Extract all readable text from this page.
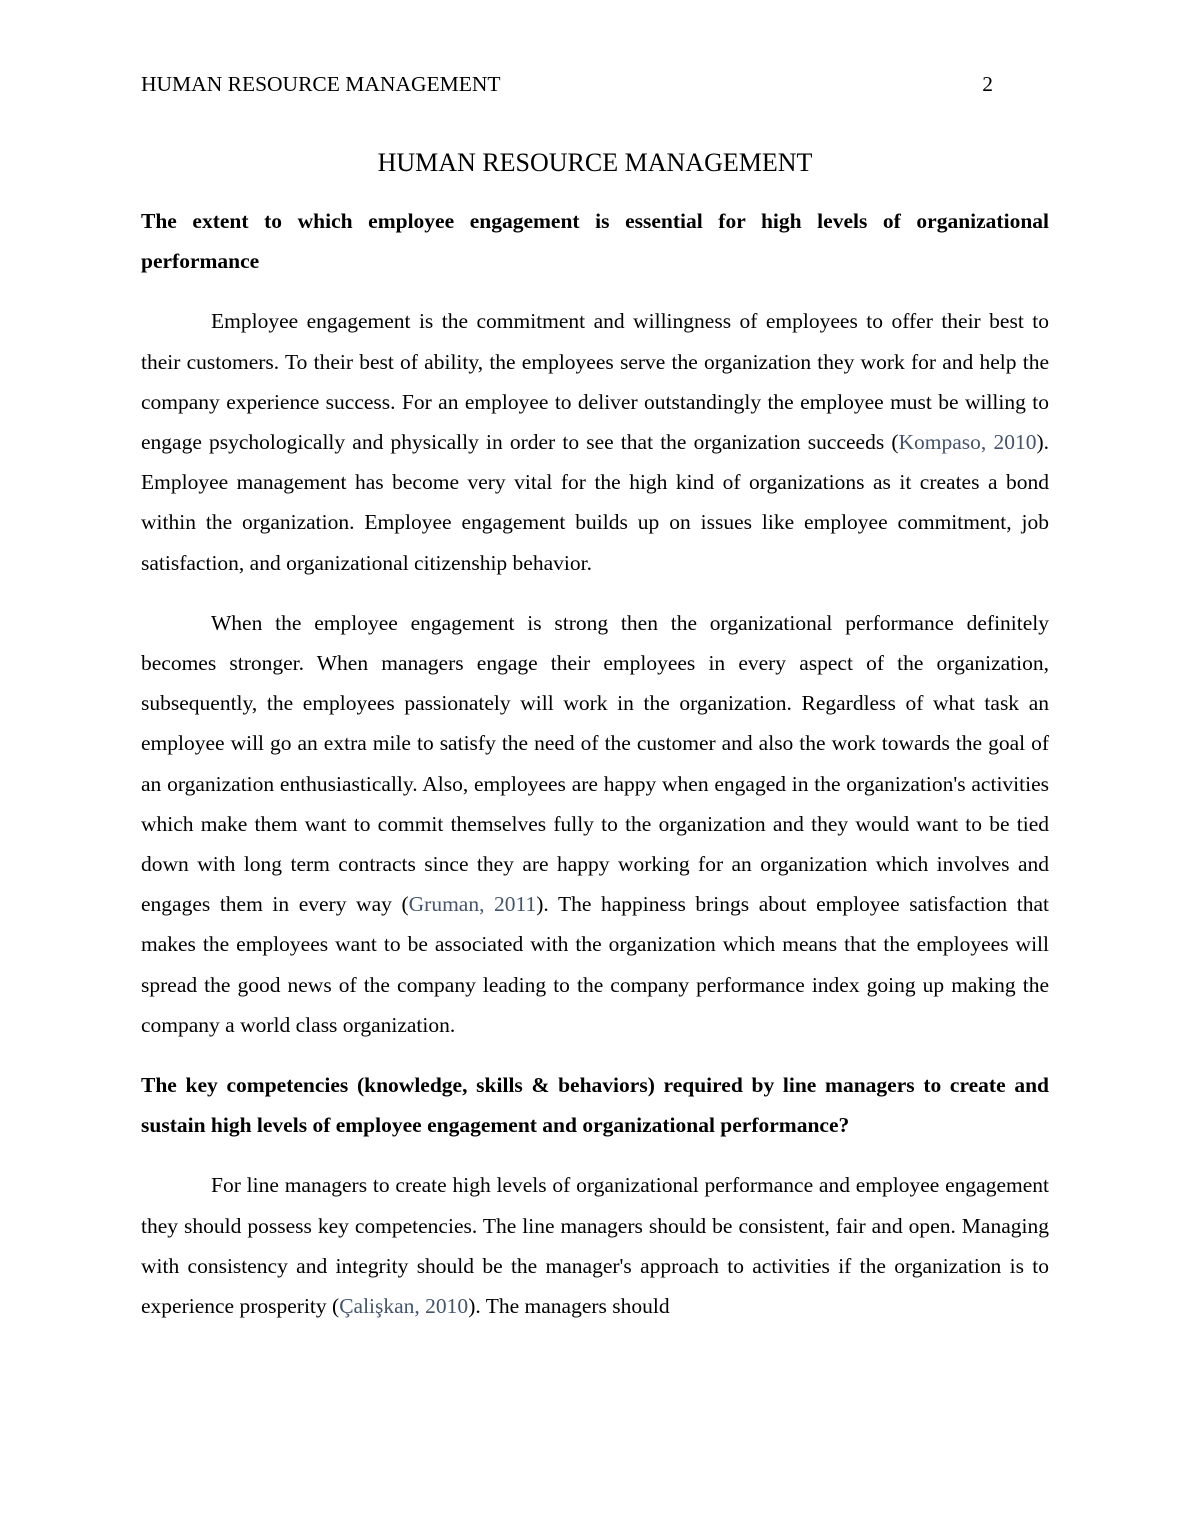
HUMAN RESOURCE MANAGEMENT	2
HUMAN RESOURCE MANAGEMENT
The extent to which employee engagement is essential for high levels of organizational performance

Employee engagement is the commitment and willingness of employees to offer their best to their customers. To their best of ability, the employees serve the organization they work for and help the company experience success. For an employee to deliver outstandingly the employee must be willing to engage psychologically and physically in order to see that the organization succeeds (Kompaso, 2010). Employee management has become very vital for the high kind of organizations as it creates a bond within the organization. Employee engagement builds up on issues like employee commitment, job satisfaction, and organizational citizenship behavior.

When the employee engagement is strong then the organizational performance definitely becomes stronger. When managers engage their employees in every aspect of the organization, subsequently, the employees passionately will work in the organization. Regardless of what task an employee will go an extra mile to satisfy the need of the customer and also the work towards the goal of an organization enthusiastically. Also, employees are happy when engaged in the organization's activities which make them want to commit themselves fully to the organization and they would want to be tied down with long term contracts since they are happy working for an organization which involves and engages them in every way (Gruman, 2011). The happiness brings about employee satisfaction that makes the employees want to be associated with the organization which means that the employees will spread the good news of the company leading to the company performance index going up making the company a world class organization.

The key competencies (knowledge, skills & behaviors) required by line managers to create and sustain high levels of employee engagement and organizational performance?

For line managers to create high levels of organizational performance and employee engagement they should possess key competencies. The line managers should be consistent, fair and open. Managing with consistency and integrity should be the manager's approach to activities if the organization is to experience prosperity (Çalişkan, 2010). The managers should
